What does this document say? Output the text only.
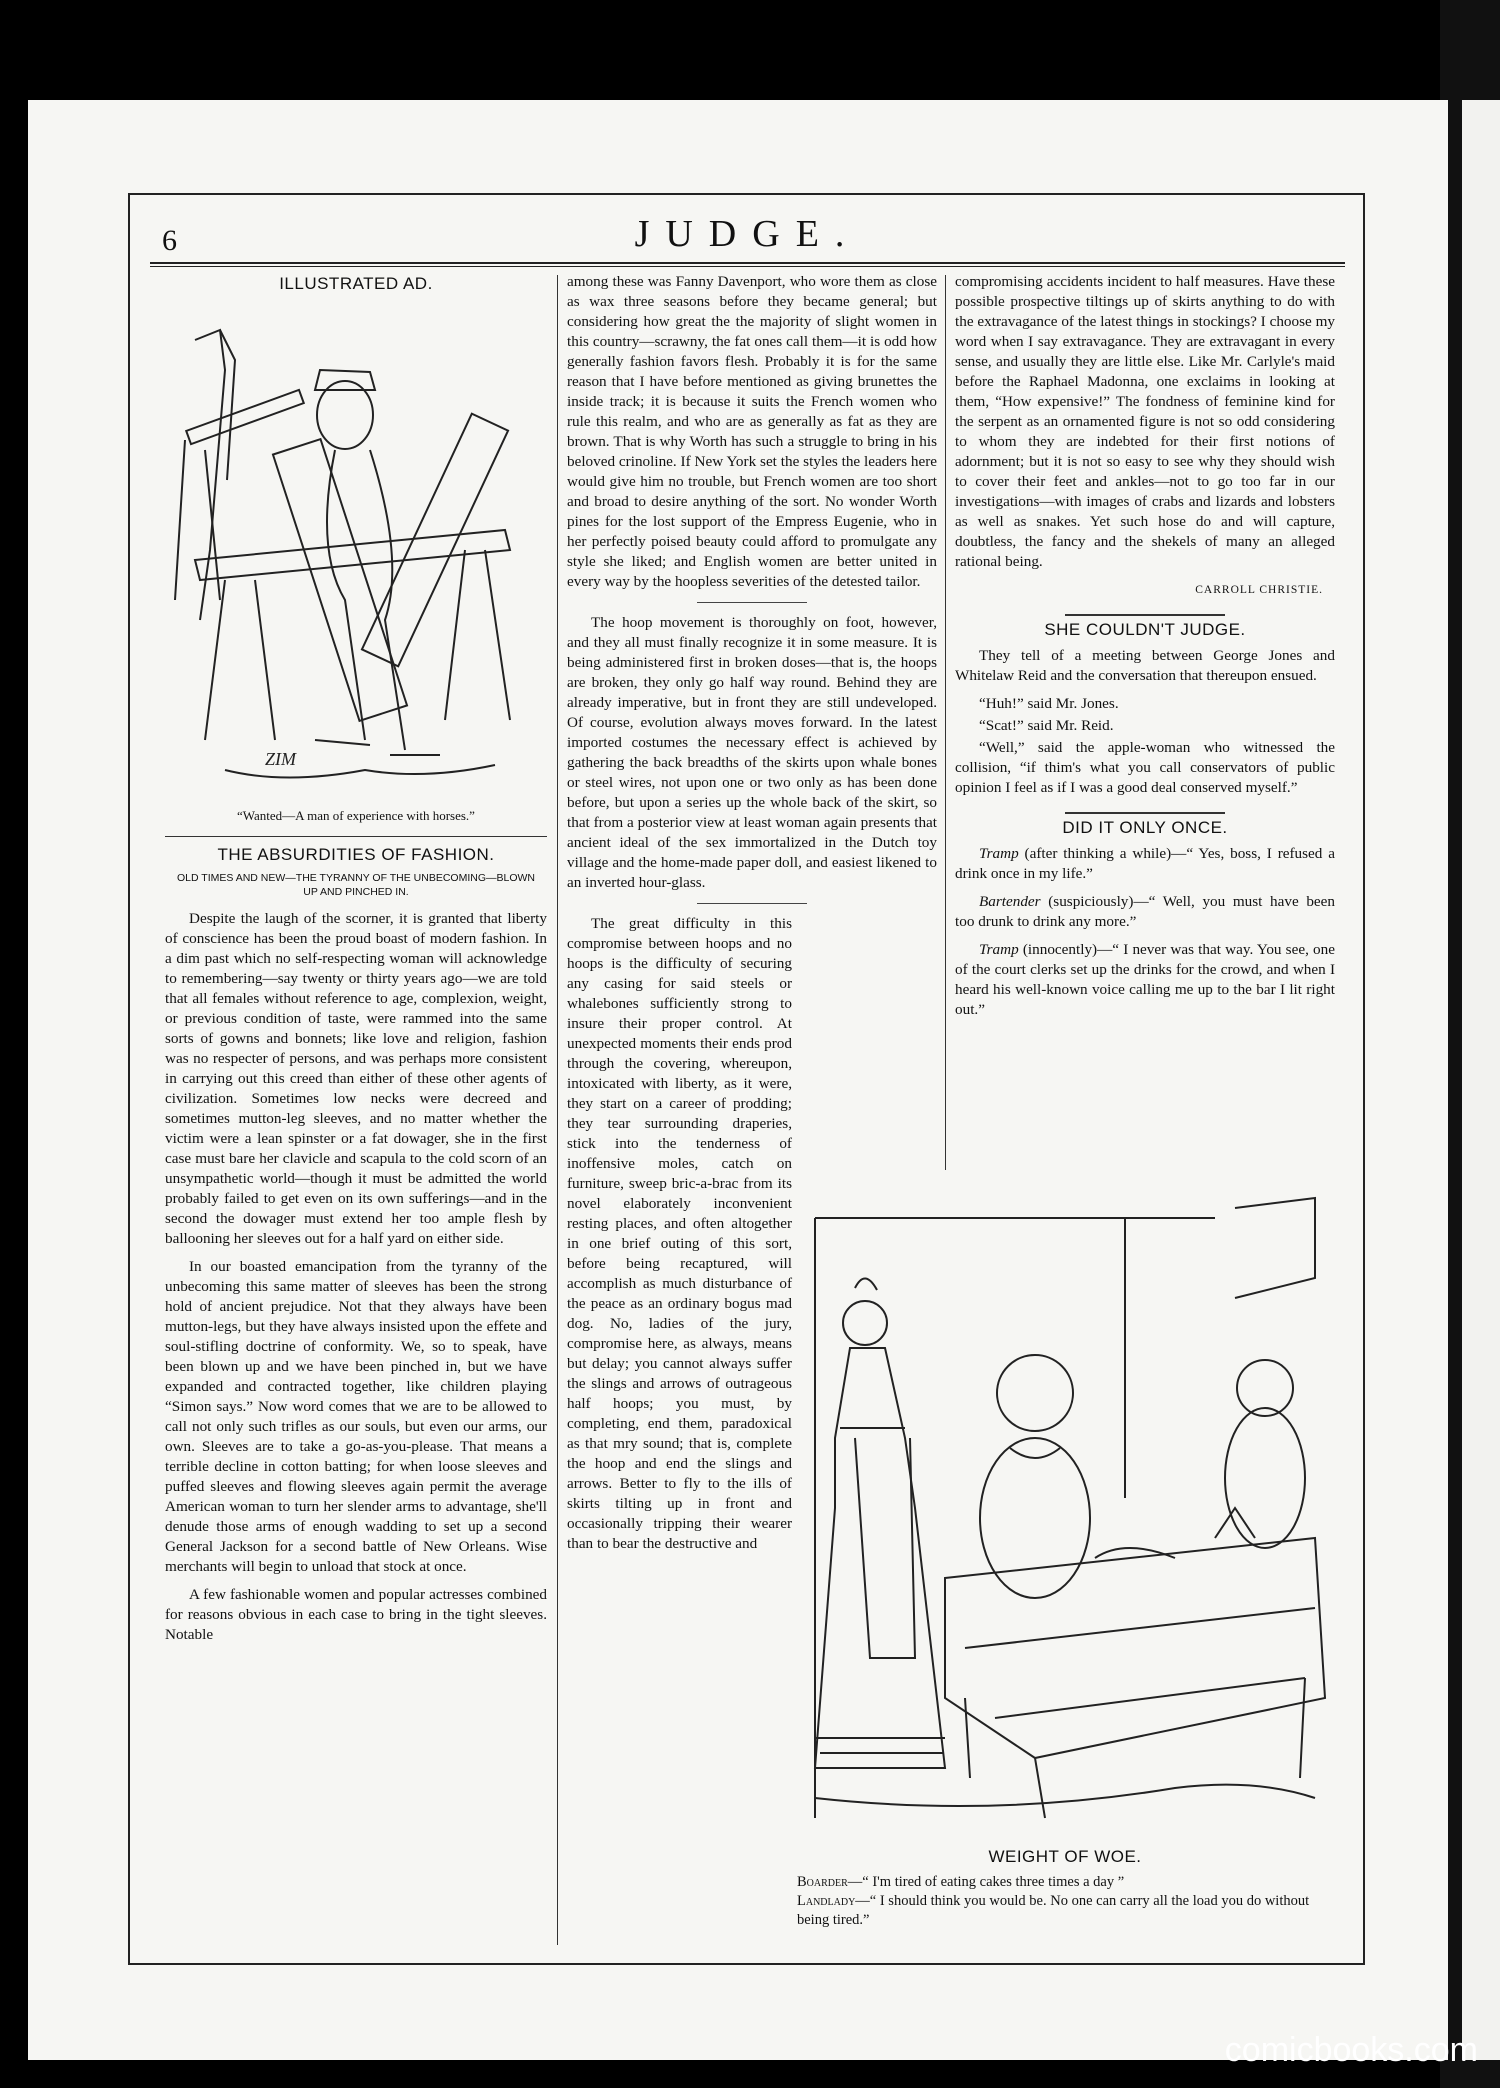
6	JUDGE.
ILLUSTRATED AD.
ZIM
“Wanted—A man of experience with horses.”
THE ABSURDITIES OF FASHION.
OLD TIMES AND NEW—THE TYRANNY OF THE UNBECOMING—BLOWN UP AND PINCHED IN.

Despite the laugh of the scorner, it is granted that liberty of conscience has been the proud boast of modern fashion. In a dim past which no self-respecting woman will acknowledge to remembering—say twenty or thirty years ago—we are told that all females without reference to age, complexion, weight, or previous condition of taste, were rammed into the same sorts of gowns and bonnets; like love and religion, fashion was no respecter of persons, and was perhaps more consistent in carrying out this creed than either of these other agents of civilization. Sometimes low necks were decreed and sometimes mutton-leg sleeves, and no matter whether the victim were a lean spinster or a fat dowager, she in the first case must bare her clavicle and scapula to the cold scorn of an unsympathetic world—though it must be admitted the world probably failed to get even on its own sufferings—and in the second the dowager must extend her too ample flesh by ballooning her sleeves out for a half yard on either side.

In our boasted emancipation from the tyranny of the unbecoming this same matter of sleeves has been the strong hold of ancient prejudice. Not that they always have been mutton-legs, but they have always insisted upon the effete and soul-stifling doctrine of conformity. We, so to speak, have been blown up and we have been pinched in, but we have expanded and contracted together, like children playing “Simon says.” Now word comes that we are to be allowed to call not only such trifles as our souls, but even our arms, our own. Sleeves are to take a go-as-you-please. That means a terrible decline in cotton batting; for when loose sleeves and puffed sleeves and flowing sleeves again permit the average American woman to turn her slender arms to advantage, she'll denude those arms of enough wadding to set up a second General Jackson for a second battle of New Orleans. Wise merchants will begin to unload that stock at once.

A few fashionable women and popular actresses combined for reasons obvious in each case to bring in the tight sleeves. Notable

among these was Fanny Davenport, who wore them as close as wax three seasons before they became general; but considering how great the the majority of slight women in this country—scrawny, the fat ones call them—it is odd how generally fashion favors flesh. Probably it is for the same reason that I have before mentioned as giving brunettes the inside track; it is because it suits the French women who rule this realm, and who are as generally as fat as they are brown. That is why Worth has such a struggle to bring in his beloved crinoline. If New York set the styles the leaders here would give him no trouble, but French women are too short and broad to desire anything of the sort. No wonder Worth pines for the lost support of the Empress Eugenie, who in her perfectly poised beauty could afford to promulgate any style she liked; and English women are better united in every way by the hoopless severities of the detested tailor.

The hoop movement is thoroughly on foot, however, and they all must finally recognize it in some measure. It is being administered first in broken doses—that is, the hoops are broken, they only go half way round. Behind they are already imperative, but in front they are still undeveloped. Of course, evolution always moves forward. In the latest imported costumes the necessary effect is achieved by gathering the back breadths of the skirts upon whale bones or steel wires, not upon one or two only as has been done before, but upon a series up the whole back of the skirt, so that from a posterior view at least woman again presents that ancient ideal of the sex immortalized in the Dutch toy village and the home-made paper doll, and easiest likened to an inverted hour-glass.

The great difficulty in this compromise between hoops and no hoops is the difficulty of securing any casing for said steels or whalebones sufficiently strong to insure their proper control. At unexpected moments their ends prod through the covering, whereupon, intoxicated with liberty, as it were, they start on a career of prodding; they tear surrounding draperies, stick into the tenderness of inoffensive moles, catch on furniture, sweep bric-a-brac from its novel elaborately inconvenient resting places, and often altogether in one brief outing of this sort, before being recaptured, will accomplish as much disturbance of the peace as an ordinary bogus mad dog. No, ladies of the jury, compromise here, as always, means but delay; you cannot always suffer the slings and arrows of outrageous half hoops; you must, by completing, end them, paradoxical as that mry sound; that is, complete the hoop and end the slings and arrows. Better to fly to the ills of skirts tilting up in front and occasionally tripping their wearer than to bear the destructive and

compromising accidents incident to half measures. Have these possible prospective tiltings up of skirts anything to do with the extravagance of the latest things in stockings? I choose my word when I say extravagance. They are extravagant in every sense, and usually they are little else. Like Mr. Carlyle's maid before the Raphael Madonna, one exclaims in looking at them, “How expensive!” The fondness of feminine kind for the serpent as an ornamented figure is not so odd considering to whom they are indebted for their first notions of adornment; but it is not so easy to see why they should wish to cover their feet and ankles—not to go too far in our investigations—with images of crabs and lizards and lobsters as well as snakes. Yet such hose do and will capture, doubtless, the fancy and the shekels of many an alleged rational being.

CARROLL CHRISTIE.
SHE COULDN'T JUDGE.

They tell of a meeting between George Jones and Whitelaw Reid and the conversation that thereupon ensued.

“Huh!” said Mr. Jones.

“Scat!” said Mr. Reid.

“Well,” said the apple-woman who witnessed the collision, “if thim's what you call conservators of public opinion I feel as if I was a good deal conserved myself.”

DID IT ONLY ONCE.

Tramp (after thinking a while)—“ Yes, boss, I refused a drink once in my life.”

Bartender (suspiciously)—“ Well, you must have been too drunk to drink any more.”

Tramp (innocently)—“ I never was that way. You see, one of the court clerks set up the drinks for the crowd, and when I heard his well-known voice calling me up to the bar I lit right out.”

WEIGHT OF WOE.
Boarder—“ I'm tired of eating cakes three times a day ”
Landlady—“ I should think you would be. No one can carry all the load you do without being tired.”
comicbooks.com
